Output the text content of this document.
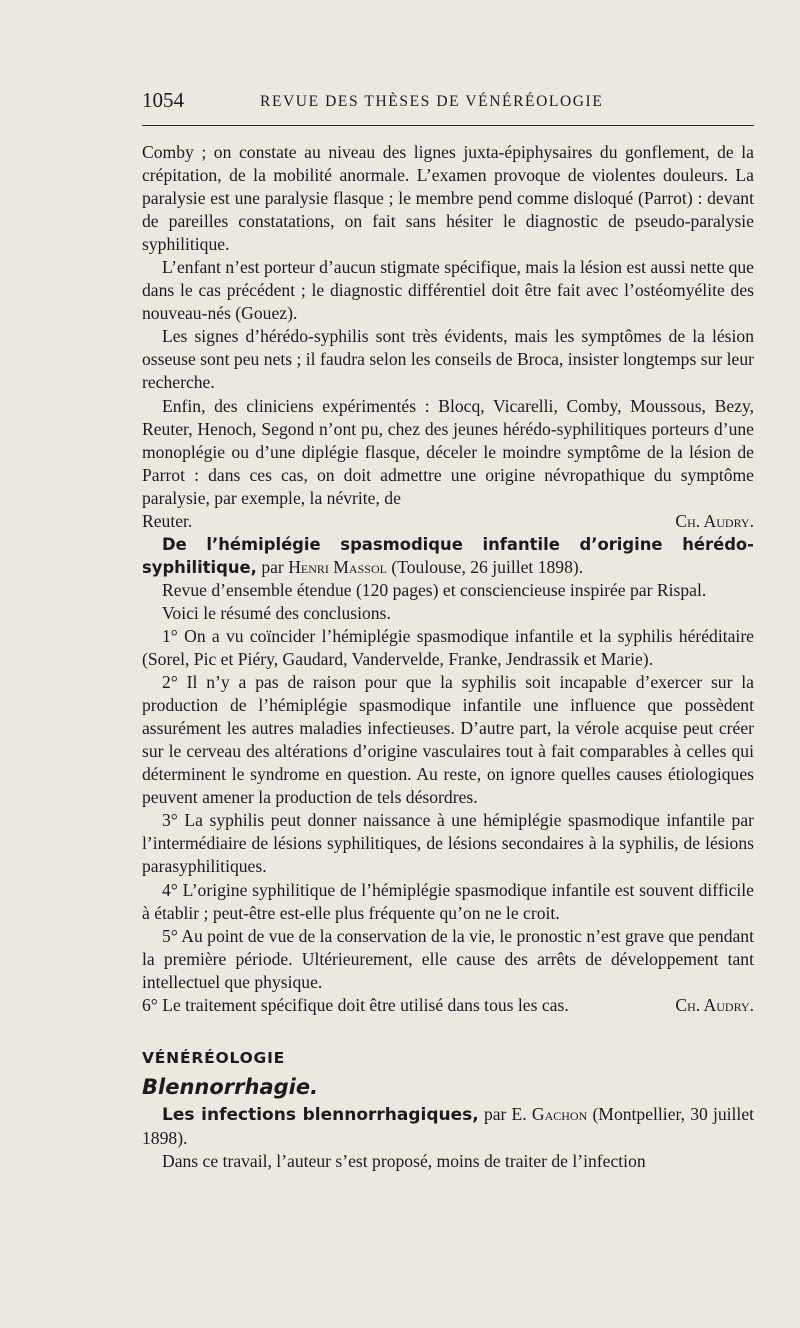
1054	REVUE DES THÈSES DE VÉNÉRÉOLOGIE

Comby ; on constate au niveau des lignes juxta-épiphysaires du gonflement, de la crépitation, de la mobilité anormale. L’examen provoque de violentes douleurs. La paralysie est une paralysie flasque ; le membre pend comme disloqué (Parrot) : devant de pareilles constatations, on fait sans hésiter le diagnostic de pseudo-paralysie syphilitique.

L’enfant n’est porteur d’aucun stigmate spécifique, mais la lésion est aussi nette que dans le cas précédent ; le diagnostic différentiel doit être fait avec l’ostéomyélite des nouveau-nés (Gouez).

Les signes d’hérédo-syphilis sont très évidents, mais les symptômes de la lésion osseuse sont peu nets ; il faudra selon les conseils de Broca, insister longtemps sur leur recherche.

Enfin, des cliniciens expérimentés : Blocq, Vicarelli, Comby, Moussous, Bezy, Reuter, Henoch, Segond n’ont pu, chez des jeunes hérédo-syphilitiques porteurs d’une monoplégie ou d’une diplégie flasque, déceler le moindre symptôme de la lésion de Parrot : dans ces cas, on doit admettre une origine névropathique du symptôme paralysie, par exemple, la névrite, de

Reuter.	Ch. Audry.

De l’hémiplégie spasmodique infantile d’origine hérédo-syphilitique, par Henri Massol (Toulouse, 26 juillet 1898).

Revue d’ensemble étendue (120 pages) et consciencieuse inspirée par Rispal.

Voici le résumé des conclusions.

1° On a vu coïncider l’hémiplégie spasmodique infantile et la syphilis héréditaire (Sorel, Pic et Piéry, Gaudard, Vandervelde, Franke, Jendrassik et Marie).

2° Il n’y a pas de raison pour que la syphilis soit incapable d’exercer sur la production de l’hémiplégie spasmodique infantile une influence que possèdent assurément les autres maladies infectieuses. D’autre part, la vérole acquise peut créer sur le cerveau des altérations d’origine vasculaires tout à fait comparables à celles qui déterminent le syndrome en question. Au reste, on ignore quelles causes étiologiques peuvent amener la production de tels désordres.

3° La syphilis peut donner naissance à une hémiplégie spasmodique infantile par l’intermédiaire de lésions syphilitiques, de lésions secondaires à la syphilis, de lésions parasyphilitiques.

4° L’origine syphilitique de l’hémiplégie spasmodique infantile est souvent difficile à établir ; peut-être est-elle plus fréquente qu’on ne le croit.

5° Au point de vue de la conservation de la vie, le pronostic n’est grave que pendant la première période. Ultérieurement, elle cause des arrêts de développement tant intellectuel que physique.

6° Le traitement spécifique doit être utilisé dans tous les cas.	Ch. Audry.

VÉNÉRÉOLOGIE

Blennorrhagie.

Les infections blennorrhagiques, par E. Gachon (Montpellier, 30 juillet 1898).

Dans ce travail, l’auteur s’est proposé, moins de traiter de l’infection
